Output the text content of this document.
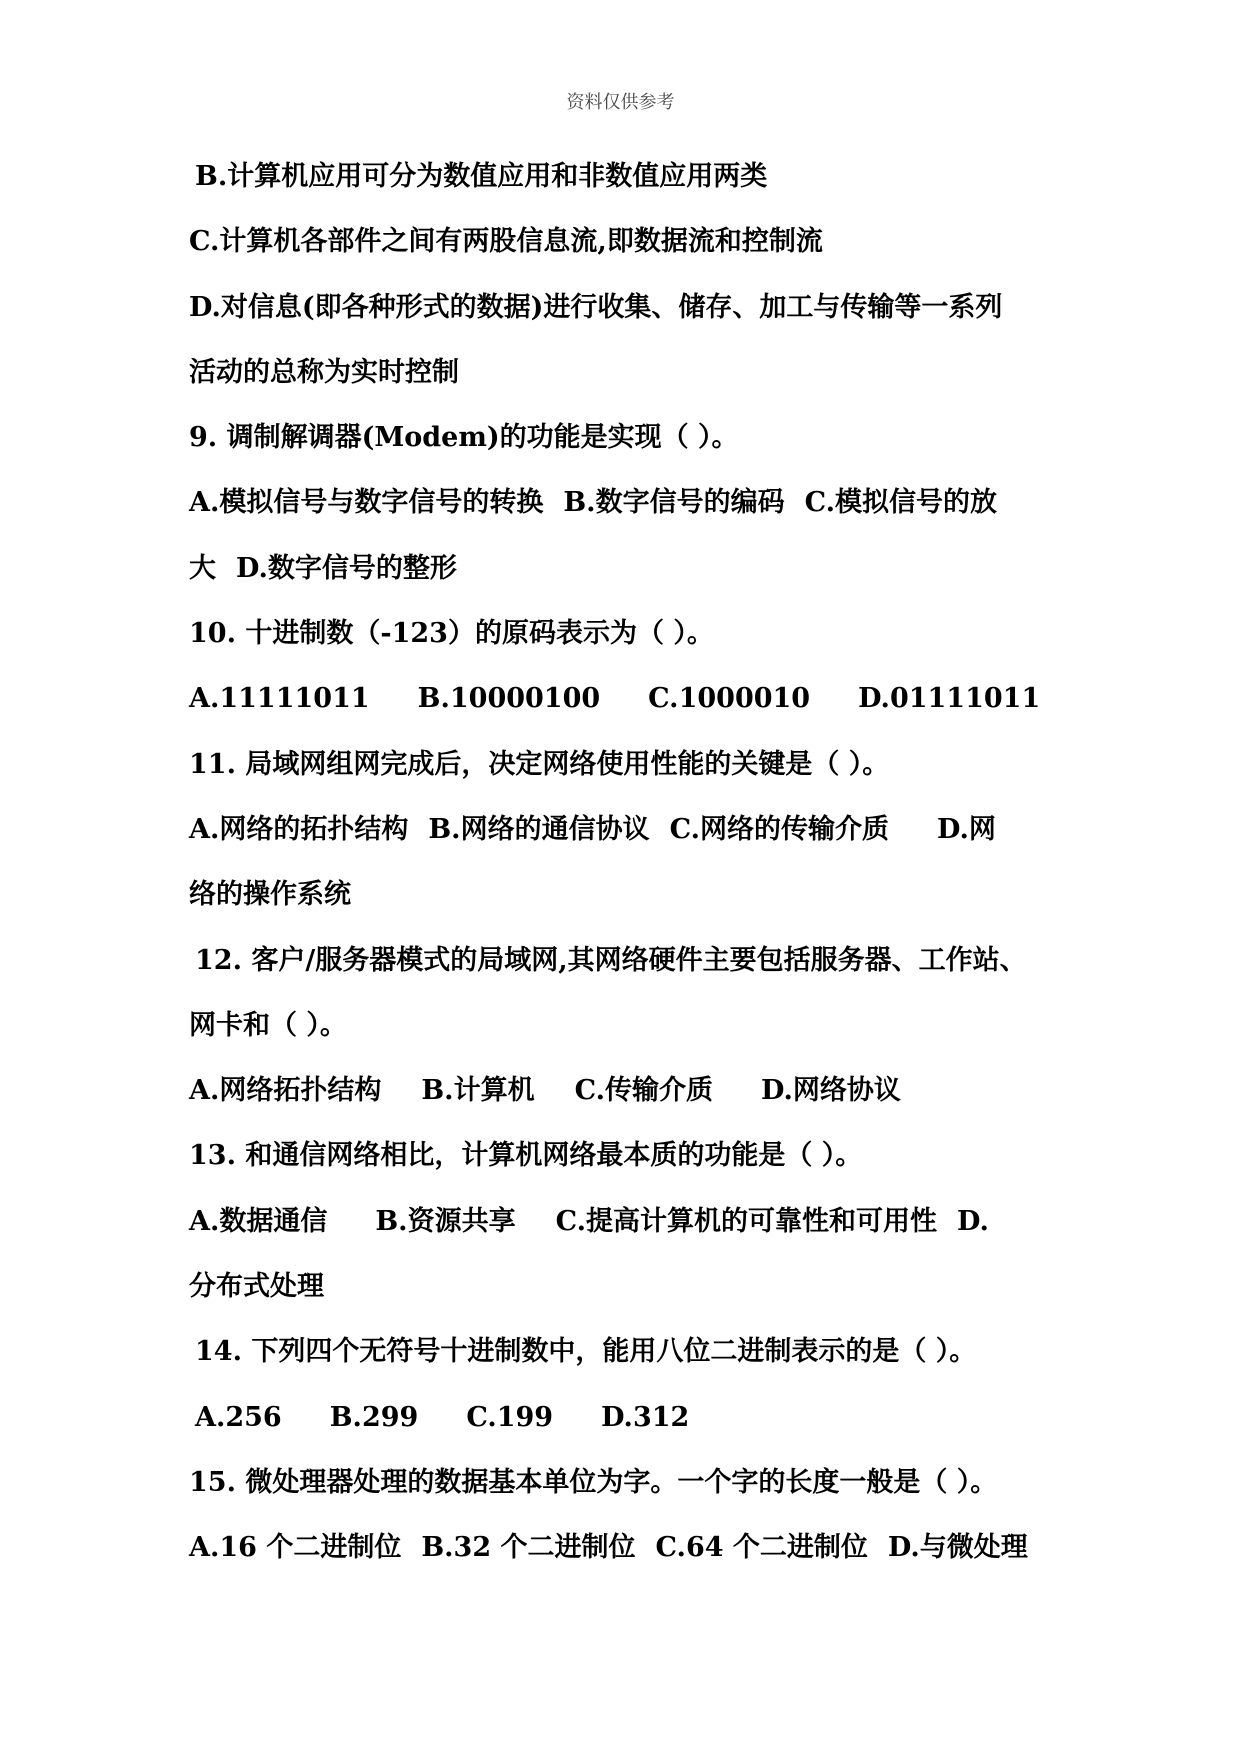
资料仅供参考
B.计算机应用可分为数值应用和非数值应用两类
C.计算机各部件之间有两股信息流,即数据流和控制流
D.对信息(即各种形式的数据)进行收集、储存、加工与传输等一系列
活动的总称为实时控制
9. 调制解调器(Modem)的功能是实现（ ）。
A.模拟信号与数字信号的转换 B.数字信号的编码 C.模拟信号的放
大 D.数字信号的整形
10. 十进制数（-123）的原码表示为（ ）。
A.11111011 B.10000100 C.1000010 D.01111011
11. 局域网组网完成后，决定网络使用性能的关键是（ ）。
A.网络的拓扑结构 B.网络的通信协议 C.网络的传输介质 D.网
络的操作系统
12. 客户/服务器模式的局域网,其网络硬件主要包括服务器、工作站、
网卡和（ ）。
A.网络拓扑结构 B.计算机 C.传输介质 D.网络协议
13. 和通信网络相比，计算机网络最本质的功能是（ ）。
A.数据通信 B.资源共享 C.提高计算机的可靠性和可用性 D.
分布式处理
14. 下列四个无符号十进制数中，能用八位二进制表示的是（ ）。
A.256 B.299 C.199 D.312
15. 微处理器处理的数据基本单位为字。一个字的长度一般是（ ）。
A.16 个二进制位 B.32 个二进制位 C.64 个二进制位 D.与微处理
